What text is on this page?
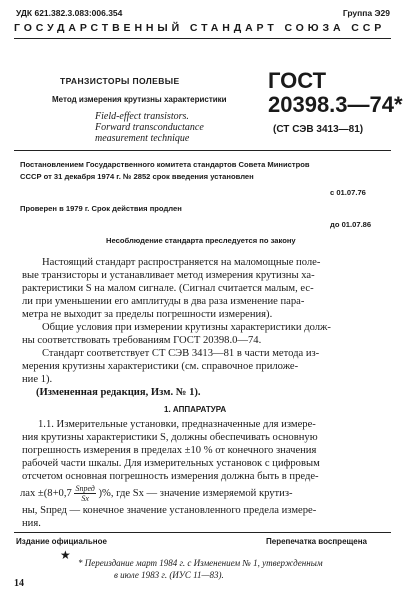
УДК 621.382.3.083:006.354	Группа Э29
ГОСУДАРСТВЕННЫЙ СТАНДАРТ СОЮЗА ССР
ТРАНЗИСТОРЫ ПОЛЕВЫЕ
Метод измерения крутизны характеристики
Field-effect transistors.
Forward transconductance
measurement technique
ГОСТ
20398.3—74*
(СТ СЭВ 3413—81)
Постановлением Государственного комитета стандартов Совета Министров
СССР от 31 декабря 1974 г. № 2852 срок введения установлен
с 01.07.76
Проверен в 1979 г. Срок действия продлен
до 01.07.86
Несоблюдение стандарта преследуется по закону
Настоящий стандарт распространяется на маломощные поле-
вые транзисторы и устанавливает метод измерения крутизны ха-
рактеристики S на малом сигнале. (Сигнал считается малым, ес-
ли при уменьшении его амплитуды в два раза изменение пара-
метра не выходит за пределы погрешности измерения).
Общие условия при измерении крутизны характеристики долж-
ны соответствовать требованиям ГОСТ 20398.0—74.
Стандарт соответствует СТ СЭВ 3413—81 в части метода из-
мерения крутизны характеристики (см. справочное приложе-
ние 1).
(Измененная редакция, Изм. № 1).
1. АППАРАТУРА
1.1. Измерительные установки, предназначенные для измере-
ния крутизны характеристики S, должны обеспечивать основную
погрешность измерения в пределах ±10 % от конечного значения
рабочей части шкалы. Для измерительных установок с цифровым
отсчетом основная погрешность измерения должна быть в преде-
лах $\pm(8+0,7 \frac{\text{Sпред}}{Sx}$ )%, где Sx — значение измеряемой крутиз-
ны, Sпред — конечное значение установленного предела измере-
ния.
Издание официальное	Перепечатка воспрещена
★
* Переиздание март 1984 г. с Изменением № 1, утвержденным
в июле 1983 г. (ИУС 11—83).
14
